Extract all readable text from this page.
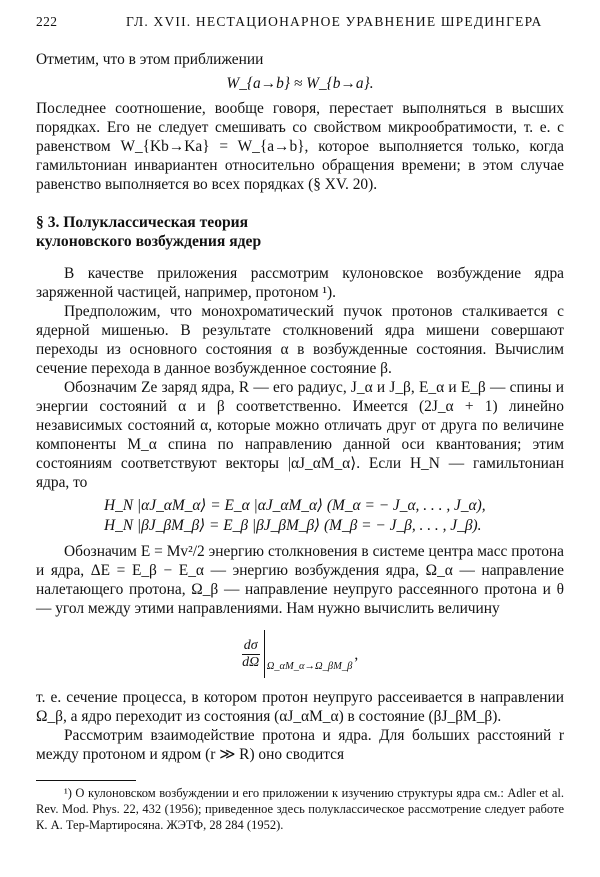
222	ГЛ. XVII. НЕСТАЦИОНАРНОЕ УРАВНЕНИЕ ШРЕДИНГЕРА

Отметим, что в этом приближении

W_{a→b} ≈ W_{b→a}.

Последнее соотношение, вообще говоря, перестает выполняться в высших порядках. Его не следует смешивать со свойством микрообратимости, т. е. с равенством W_{Kb→Ka} = W_{a→b}, которое выполняется только, когда гамильтониан инвариантен относительно обращения времени; в этом случае равенство выполняется во всех порядках (§ XV. 20).

§ 3. Полуклассическая теория
кулоновского возбуждения ядер

В качестве приложения рассмотрим кулоновское возбуждение ядра заряженной частицей, например, протоном ¹).

Предположим, что монохроматический пучок протонов сталкивается с ядерной мишенью. В результате столкновений ядра мишени совершают переходы из основного состояния α в возбужденные состояния. Вычислим сечение перехода в данное возбужденное состояние β.

Обозначим Ze заряд ядра, R — его радиус, J_α и J_β, E_α и E_β — спины и энергии состояний α и β соответственно. Имеется (2J_α + 1) линейно независимых состояний α, которые можно отличать друг от друга по величине компоненты M_α спина по направлению данной оси квантования; этим состояниям соответствуют векторы |αJ_αM_α⟩. Если H_N — гамильтониан ядра, то

H_N |αJ_αM_α⟩ = E_α |αJ_αM_α⟩ (M_α = − J_α, . . . , J_α),
H_N |βJ_βM_β⟩ = E_β |βJ_βM_β⟩ (M_β = − J_β, . . . , J_β).

Обозначим E = Mv²/2 энергию столкновения в системе центра масс протона и ядра, ΔE = E_β − E_α — энергию возбуждения ядра, Ω_α — направление налетающего протона, Ω_β — направление неупруго рассеянного протона и θ — угол между этими направлениями. Нам нужно вычислить величину

$\frac{d\sigma}{d\Omega}$ Ω_αM_α→Ω_βM_β
,

т. е. сечение процесса, в котором протон неупруго рассеивается в направлении Ω_β, а ядро переходит из состояния (αJ_αM_α) в состояние (βJ_βM_β).

Рассмотрим взаимодействие протона и ядра. Для больших расстояний r между протоном и ядром (r ≫ R) оно сводится

¹) О кулоновском возбуждении и его приложении к изучению структуры ядра см.: Adler et al. Rev. Mod. Phys. 22, 432 (1956); приведенное здесь полуклассическое рассмотрение следует работе К. А. Тер-Мартиросяна. ЖЭТФ, 28 284 (1952).
